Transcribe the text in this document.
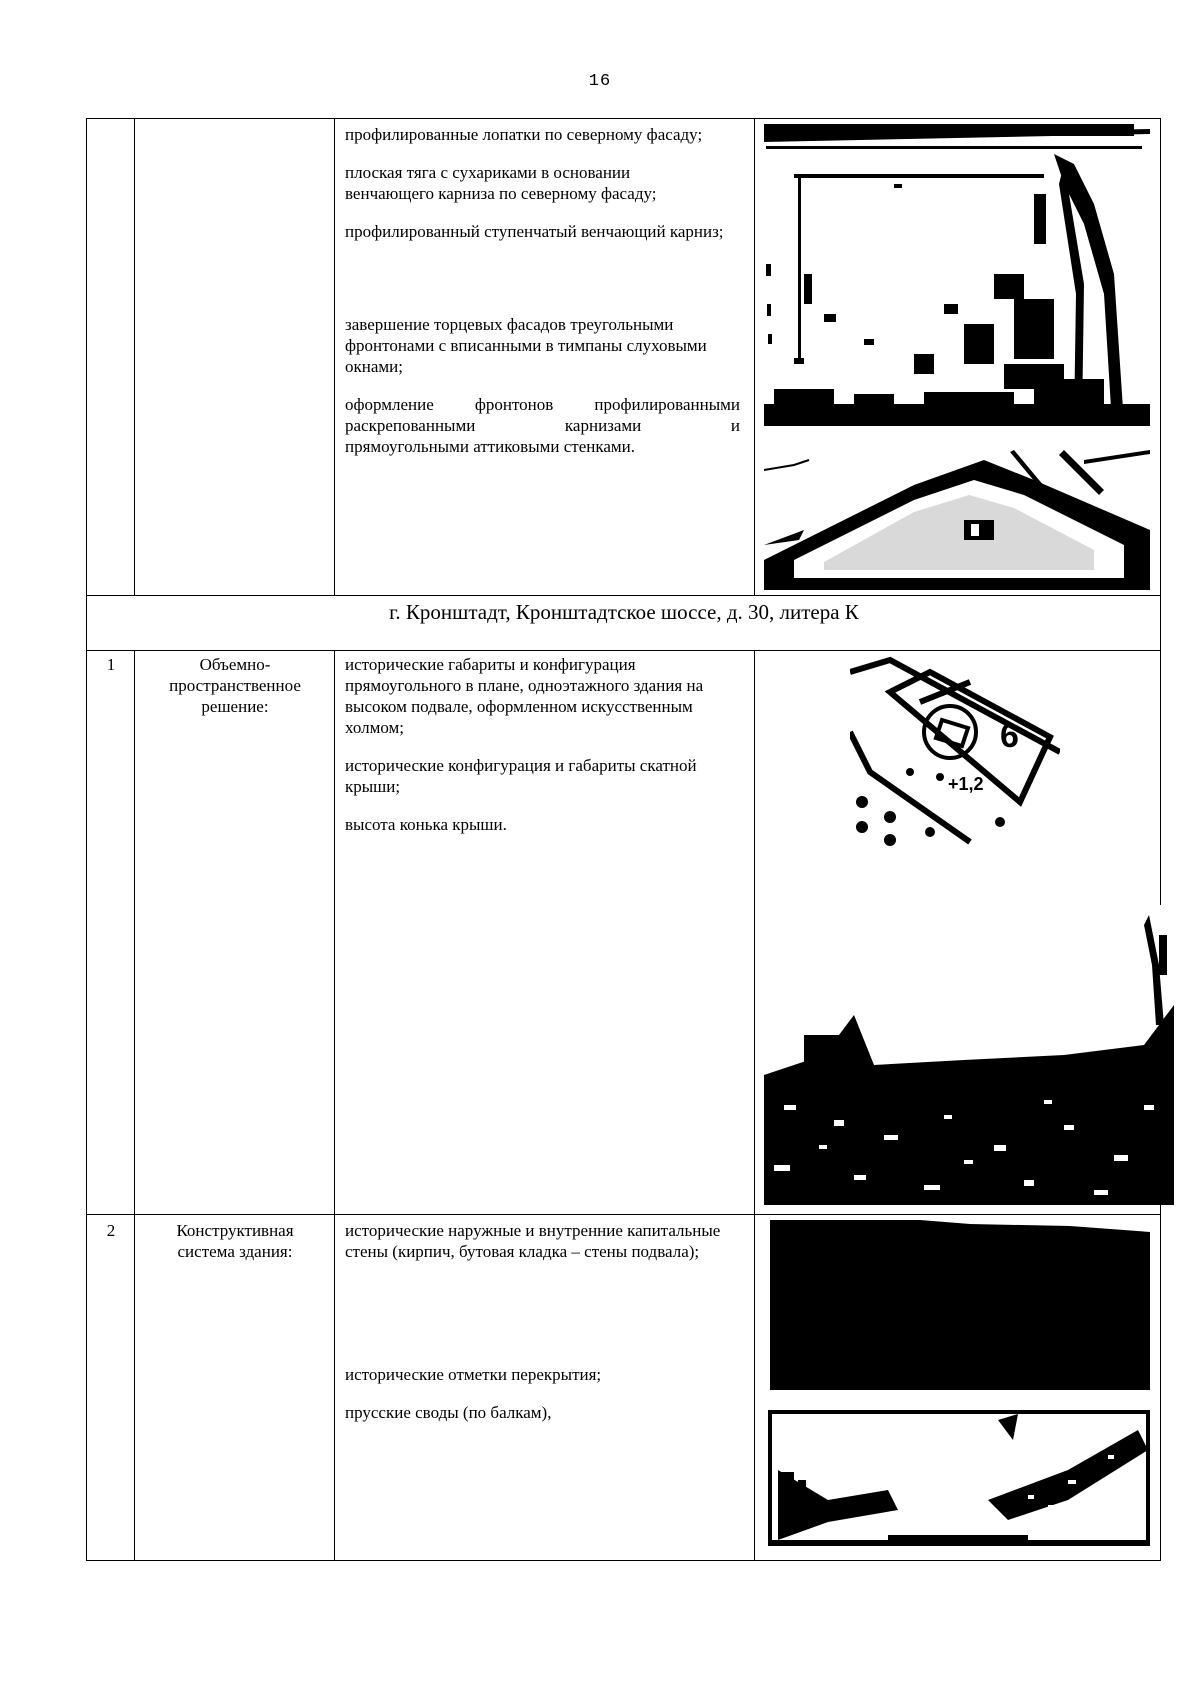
16

профилированные лопатки по северному фасаду;

плоская тяга с сухариками в основании венчающего карниза по северному фасаду;

профилированный ступенчатый венчающий карниз;

завершение торцевых фасадов треугольными фронтонами с вписанными в тимпаны слуховыми окнами;

оформление фронтонов профилированными
раскрепованными карнизами и
прямоугольными аттиковыми стенками.
г. Кронштадт, Кронштадтское шоссе, д. 30, литера К
1	Объемно-
пространственное
решение:

исторические габариты и конфигурация прямоугольного в плане, одноэтажного здания на высоком подвале, оформленном искусственным холмом;

исторические конфигурация и габариты скатной крыши;

высота конька крыши.

6
+1,2
2	Конструктивная
система здания:

исторические наружные и внутренние капитальные стены (кирпич, бутовая кладка – стены подвала);

исторические отметки перекрытия;

прусские своды (по балкам),
